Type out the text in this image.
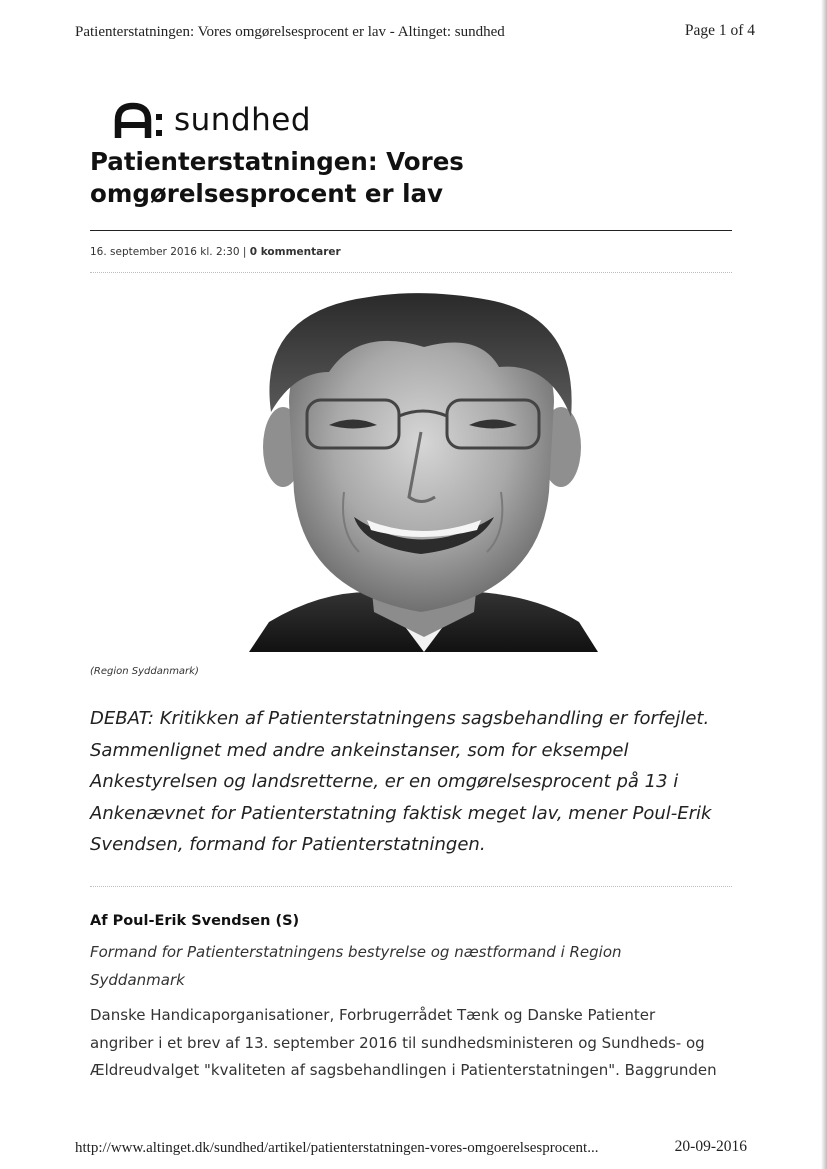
Patienterstatningen: Vores omgørelsesprocent er lav - Altinget: sundhed	Page 1 of 4
sundhed
Patienterstatningen: Vores
omgørelsesprocent er lav
16. september 2016 kl. 2:30 | 0 kommentarer
(Region Syddanmark)

DEBAT: Kritikken af Patienterstatningens sagsbehandling er forfejlet.
Sammenlignet med andre ankeinstanser, som for eksempel
Ankestyrelsen og landsretterne, er en omgørelsesprocent på 13 i
Ankenævnet for Patienterstatning faktisk meget lav, mener Poul-Erik
Svendsen, formand for Patienterstatningen.

Af Poul-Erik Svendsen (S)

Formand for Patienterstatningens bestyrelse og næstformand i Region
Syddanmark

Danske Handicaporganisationer, Forbrugerrådet Tænk og Danske Patienter
angriber i et brev af 13. september 2016 til sundhedsministeren og Sundheds- og
Ældreudvalget "kvaliteten af sagsbehandlingen i Patienterstatningen". Baggrunden

http://www.altinget.dk/sundhed/artikel/patienterstatningen-vores-omgoerelsesprocent...	20-09-2016
